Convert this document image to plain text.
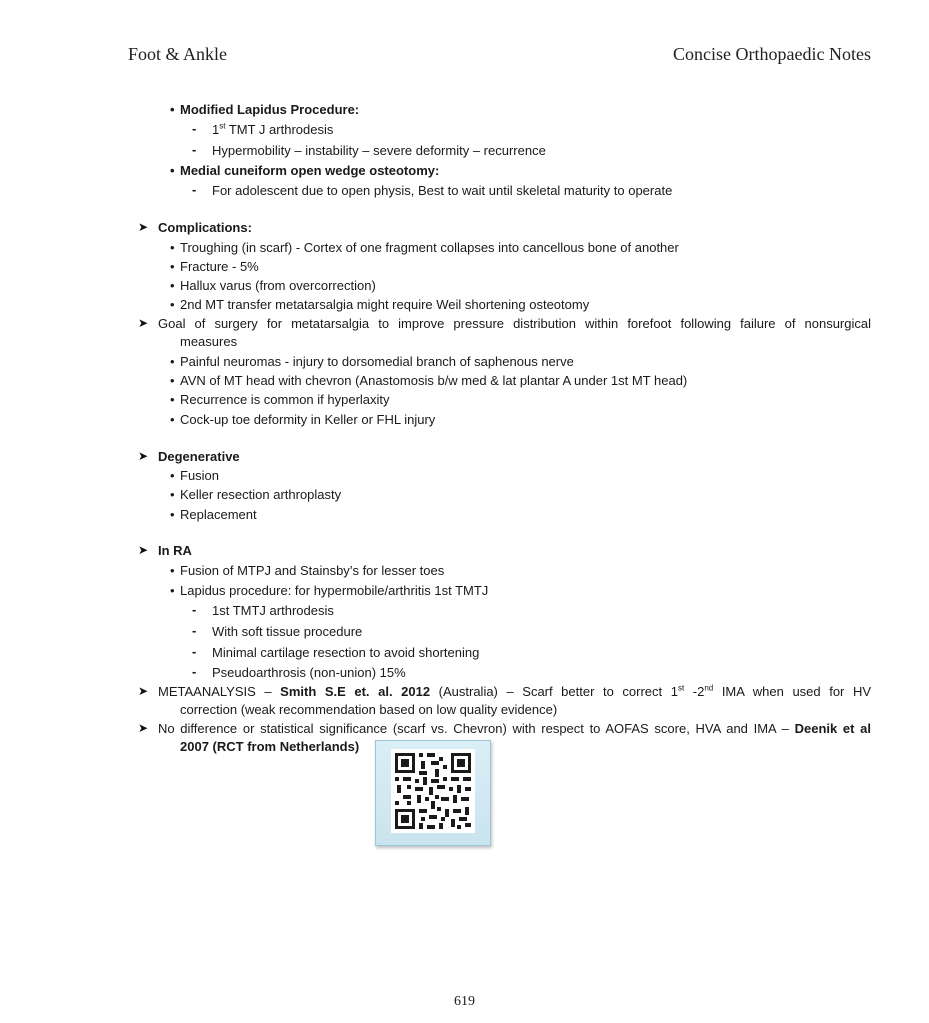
Foot & Ankle	Concise Orthopaedic Notes
• Modified Lapidus Procedure:
- 1st TMT J arthrodesis
- Hypermobility – instability – severe deformity – recurrence
• Medial cuneiform open wedge osteotomy:
- For adolescent due to open physis, Best to wait until skeletal maturity to operate
➤ Complications:
• Troughing (in scarf) - Cortex of one fragment collapses into cancellous bone of another
• Fracture - 5%
• Hallux varus (from overcorrection)
• 2nd MT transfer metatarsalgia might require Weil shortening osteotomy
➤ Goal of surgery for metatarsalgia to improve pressure distribution within forefoot following failure of nonsurgical
measures
• Painful neuromas - injury to dorsomedial branch of saphenous nerve
• AVN of MT head with chevron (Anastomosis b/w med & lat plantar A under 1st MT head)
• Recurrence is common if hyperlaxity
• Cock-up toe deformity in Keller or FHL injury
➤ Degenerative
• Fusion
• Keller resection arthroplasty
• Replacement
➤ In RA
• Fusion of MTPJ and Stainsby’s for lesser toes
• Lapidus procedure: for hypermobile/arthritis 1st TMTJ
- 1st TMTJ arthrodesis
- With soft tissue procedure
- Minimal cartilage resection to avoid shortening
- Pseudoarthrosis (non-union) 15%
➤ METAANALYSIS – Smith S.E et. al. 2012 (Australia) – Scarf better to correct 1st -2nd IMA when used for HV
correction (weak recommendation based on low quality evidence)
➤ No difference or statistical significance (scarf vs. Chevron) with respect to AOFAS score, HVA and IMA – Deenik et al
2007 (RCT from Netherlands)
619
